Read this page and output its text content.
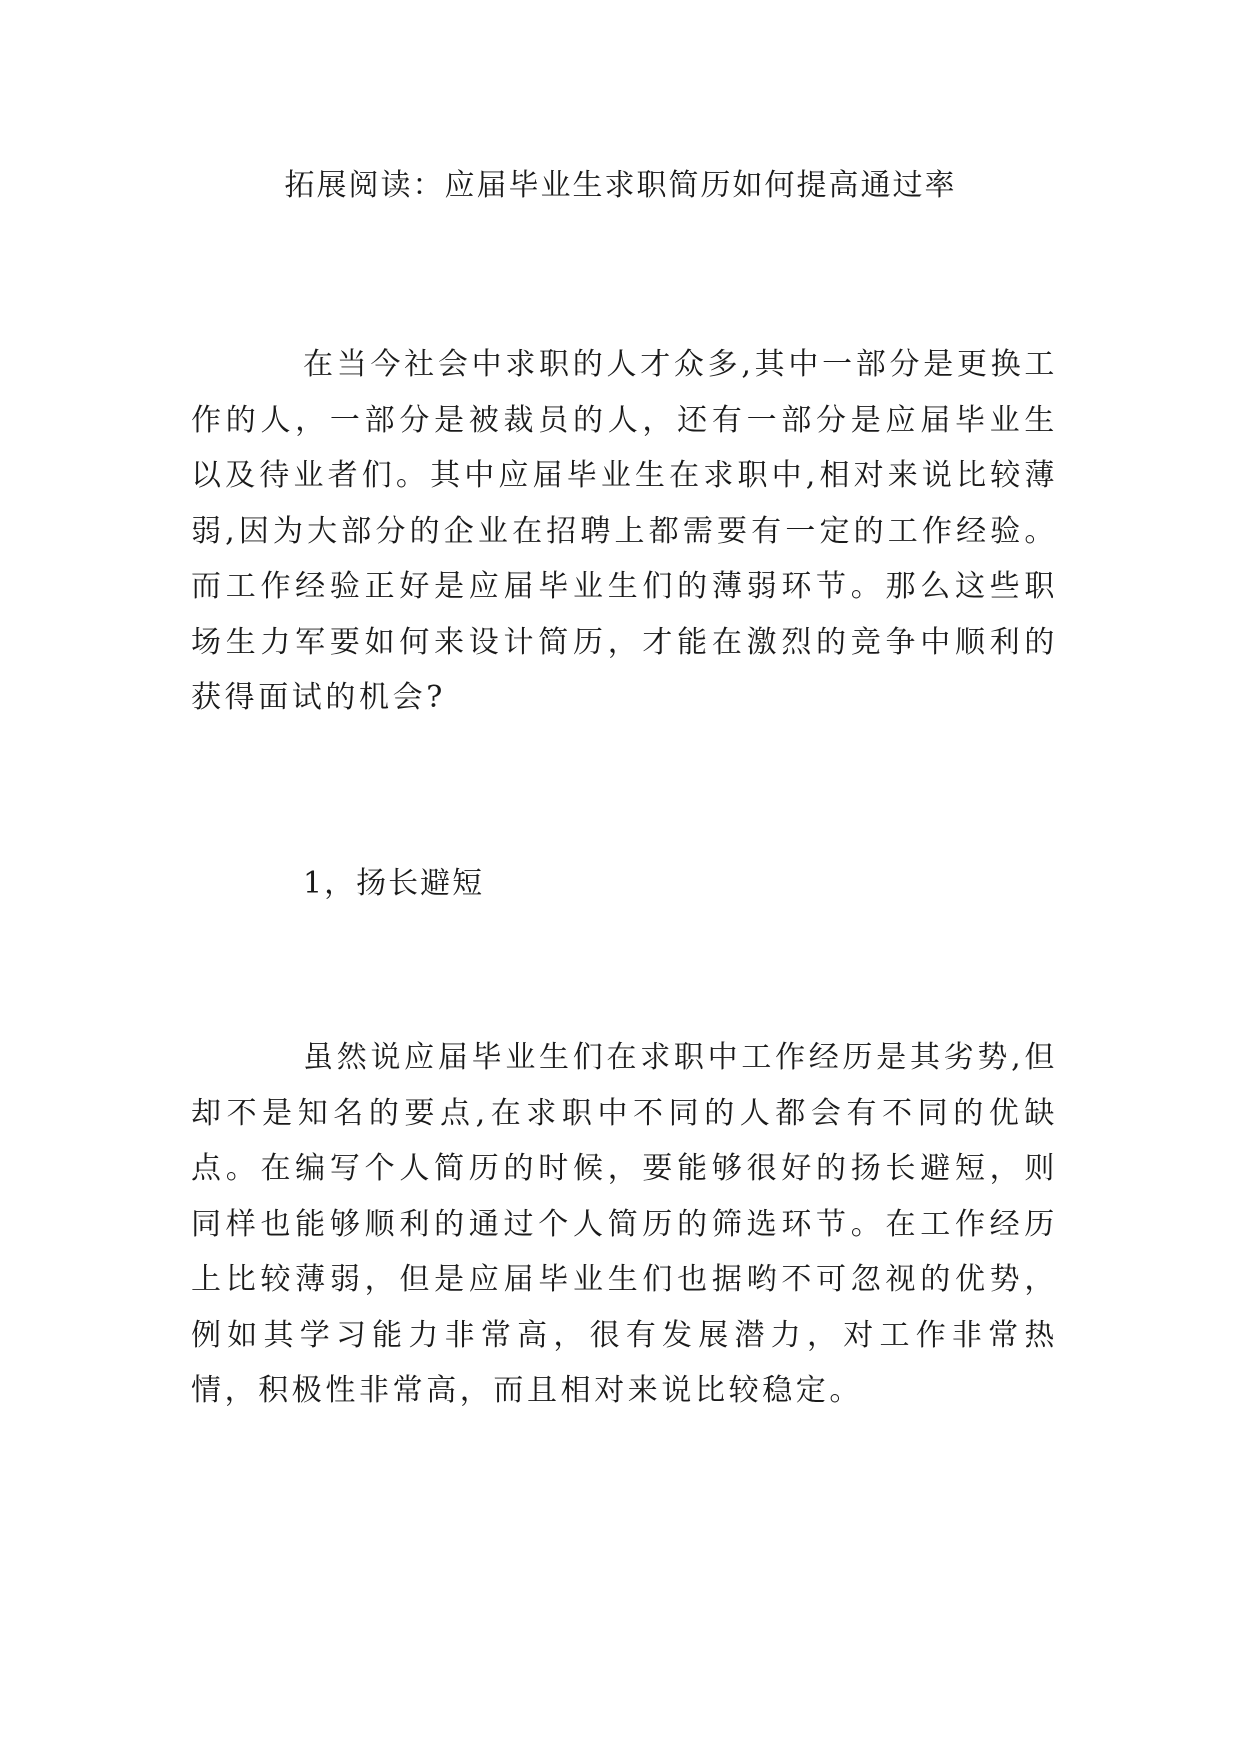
拓展阅读：应届毕业生求职简历如何提高通过率

在当今社会中求职的人才众多,其中一部分是更换工作的人，一部分是被裁员的人，还有一部分是应届毕业生以及待业者们。其中应届毕业生在求职中,相对来说比较薄弱,因为大部分的企业在招聘上都需要有一定的工作经验。而工作经验正好是应届毕业生们的薄弱环节。那么这些职场生力军要如何来设计简历，才能在激烈的竞争中顺利的获得面试的机会?

1，扬长避短

虽然说应届毕业生们在求职中工作经历是其劣势,但却不是知名的要点,在求职中不同的人都会有不同的优缺点。在编写个人简历的时候，要能够很好的扬长避短，则同样也能够顺利的通过个人简历的筛选环节。在工作经历上比较薄弱，但是应届毕业生们也据哟不可忽视的优势，例如其学习能力非常高，很有发展潜力，对工作非常热情，积极性非常高，而且相对来说比较稳定。
